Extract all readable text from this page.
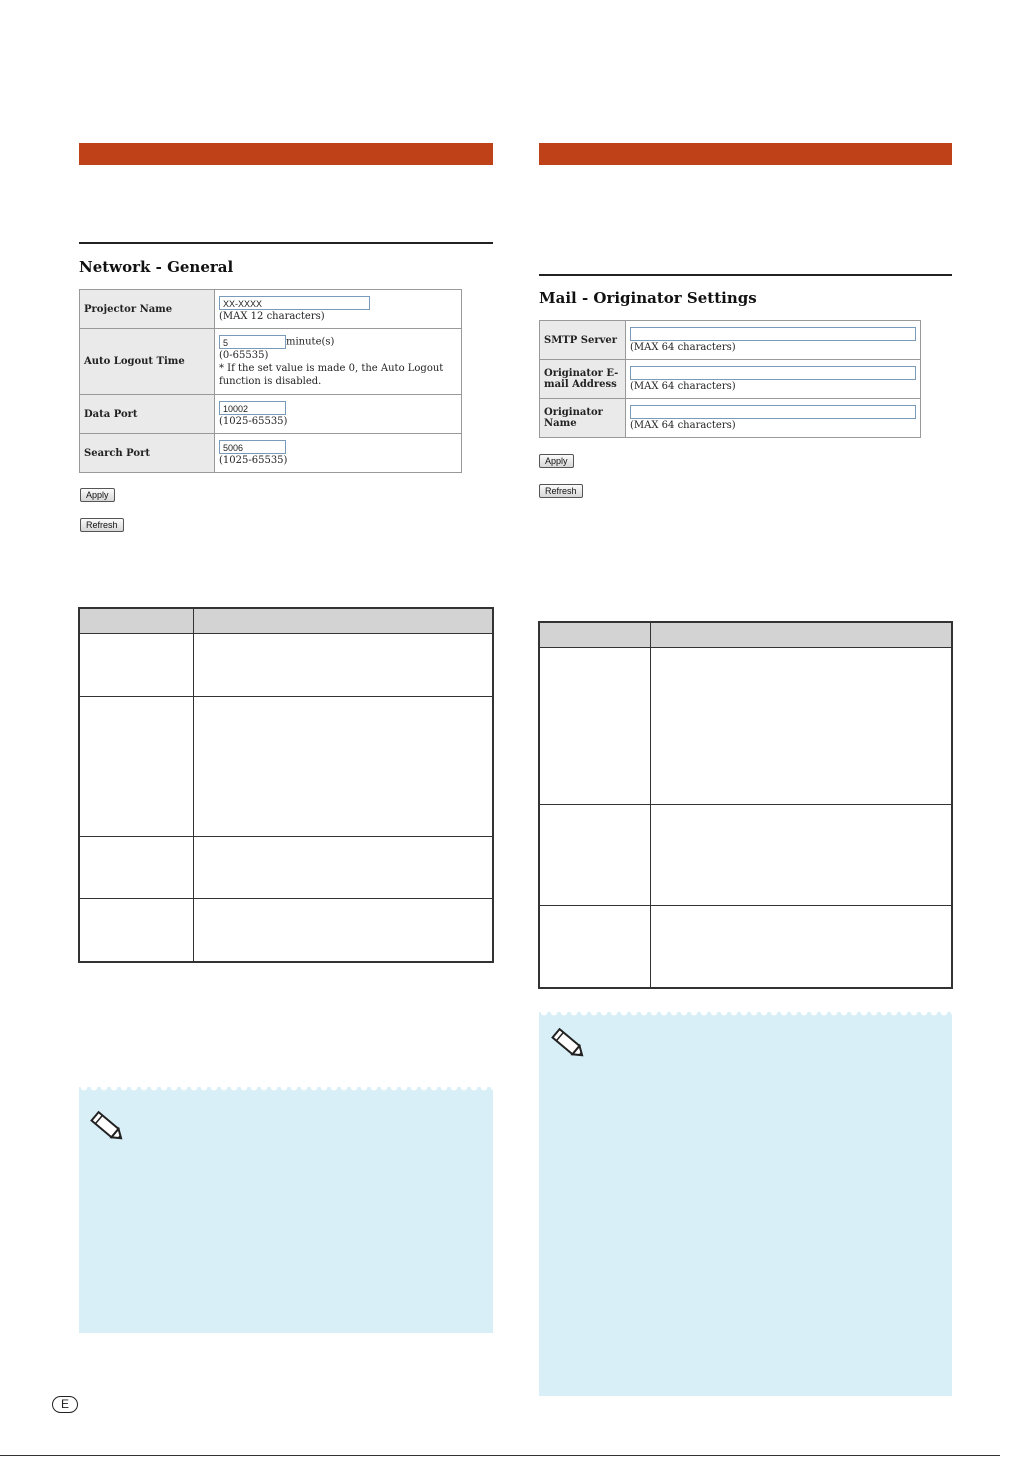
Network - General
Projector Name	XX-XXXX
(MAX 12 characters)
Auto Logout Time	5 minute(s)
(0-65535)
* If the set value is made 0, the Auto Logout function is disabled.
Data Port	10002
(1025-65535)
Search Port	5006
(1025-65535)
Apply
Refresh

Mail - Originator Settings
SMTP Server	(MAX 64 characters)
Originator E-mail Address	(MAX 64 characters)
Originator Name	(MAX 64 characters)
Apply
Refresh

E
